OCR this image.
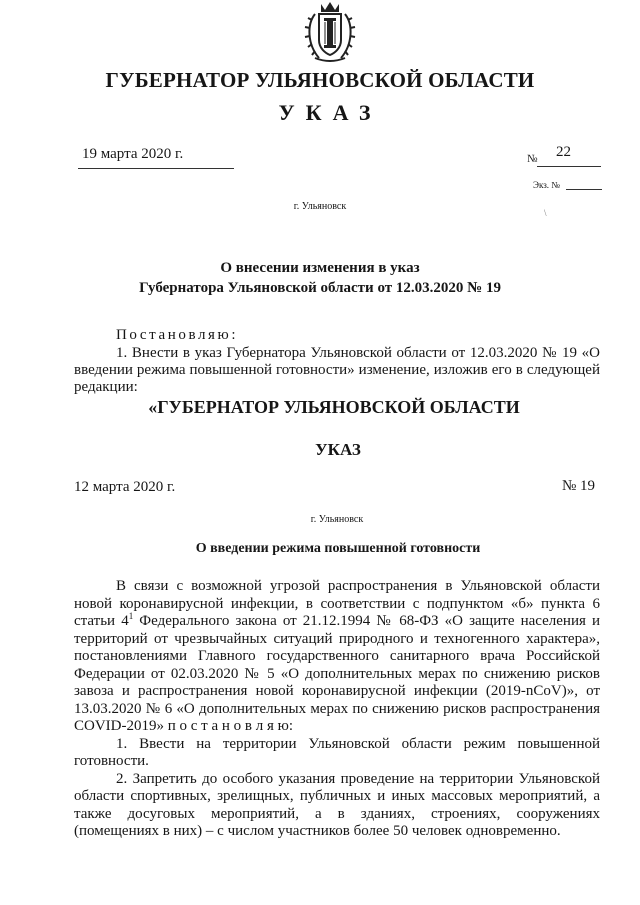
ГУБЕРНАТОР УЛЬЯНОВСКОЙ ОБЛАСТИ
УКАЗ
19 марта 2020 г.	№ 22
Экз. №
г. Ульяновск
\
О внесении изменения в указ
Губернатора Ульяновской области от 12.03.2020 № 19
Постановляю:

1. Внести в указ Губернатора Ульяновской области от 12.03.2020 № 19 «О введении режима повышенной готовности» изменение, изложив его в следующей редакции:

«ГУБЕРНАТОР УЛЬЯНОВСКОЙ ОБЛАСТИ
УКАЗ
12 марта 2020 г.	№ 19
г. Ульяновск
О введении режима повышенной готовности

В связи с возможной угрозой распространения в Ульяновской области новой коронавирусной инфекции, в соответствии с подпунктом «б» пункта 6 статьи $4^1$ Федерального закона от 21.12.1994 № 68-ФЗ «О защите населения и территорий от чрезвычайных ситуаций природного и техногенного характера», постановлениями Главного государственного санитарного врача Российской Федерации от 02.03.2020 № 5 «О дополнительных мерах по снижению рисков завоза и распространения новой коронавирусной инфекции (2019-nCoV)», от 13.03.2020 № 6 «О дополнительных мерах по снижению рисков распространения COVID-2019» п о с т а н о в л я ю:

1. Ввести на территории Ульяновской области режим повышенной готовности.

2. Запретить до особого указания проведение на территории Ульяновской области спортивных, зрелищных, публичных и иных массовых мероприятий, а также досуговых мероприятий, а в зданиях, строениях, сооружениях (помещениях в них) – с числом участников более 50 человек одновременно.
